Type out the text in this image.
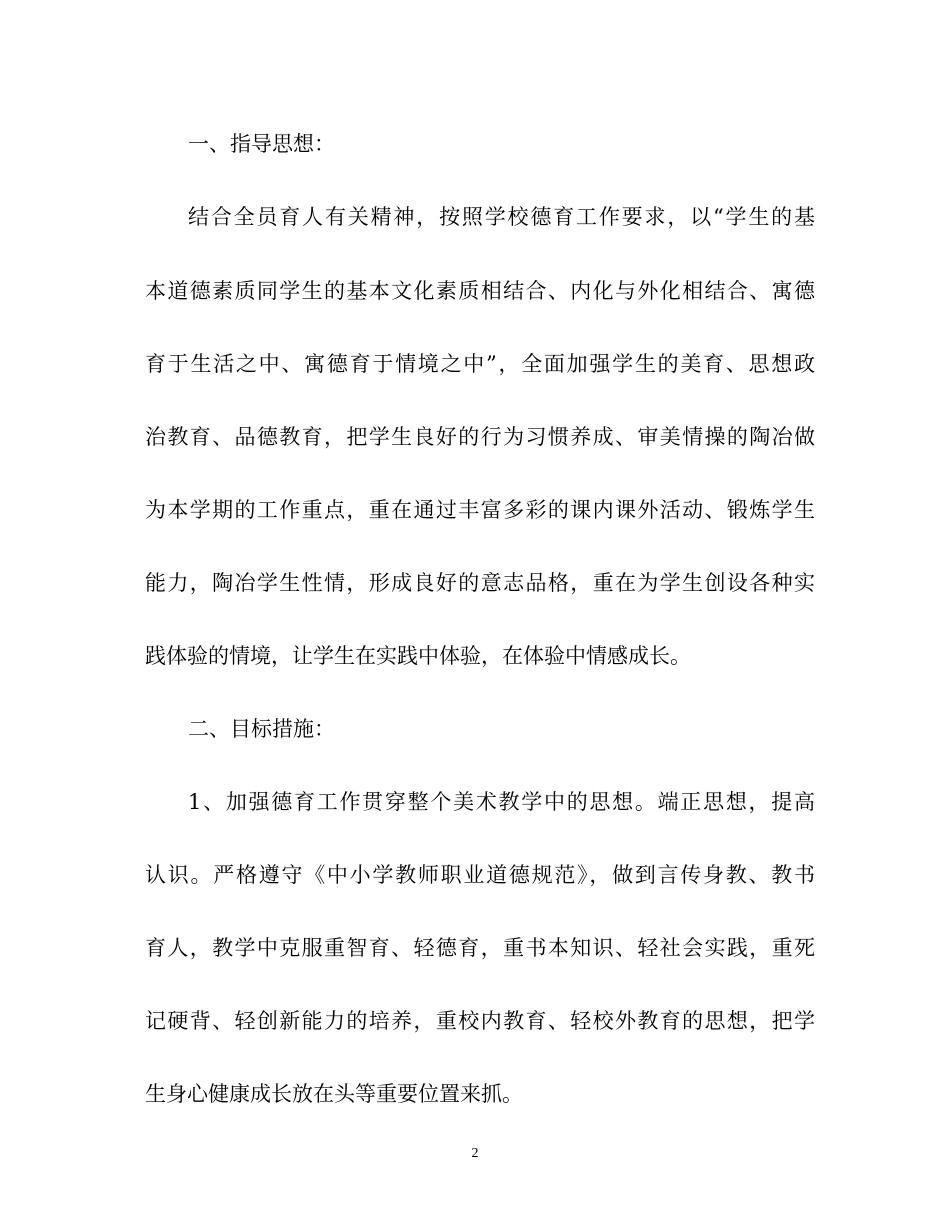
一、指导思想：
结合全员育人有关精神，按照学校德育工作要求，以“学生的基
本道德素质同学生的基本文化素质相结合、内化与外化相结合、寓德
育于生活之中、寓德育于情境之中”，全面加强学生的美育、思想政
治教育、品德教育，把学生良好的行为习惯养成、审美情操的陶冶做
为本学期的工作重点，重在通过丰富多彩的课内课外活动、锻炼学生
能力，陶冶学生性情，形成良好的意志品格，重在为学生创设各种实
践体验的情境，让学生在实践中体验，在体验中情感成长。
二、目标措施：
1、加强德育工作贯穿整个美术教学中的思想。端正思想，提高
认识。严格遵守《中小学教师职业道德规范》，做到言传身教、教书
育人，教学中克服重智育、轻德育，重书本知识、轻社会实践，重死
记硬背、轻创新能力的培养，重校内教育、轻校外教育的思想，把学
生身心健康成长放在头等重要位置来抓。
2
